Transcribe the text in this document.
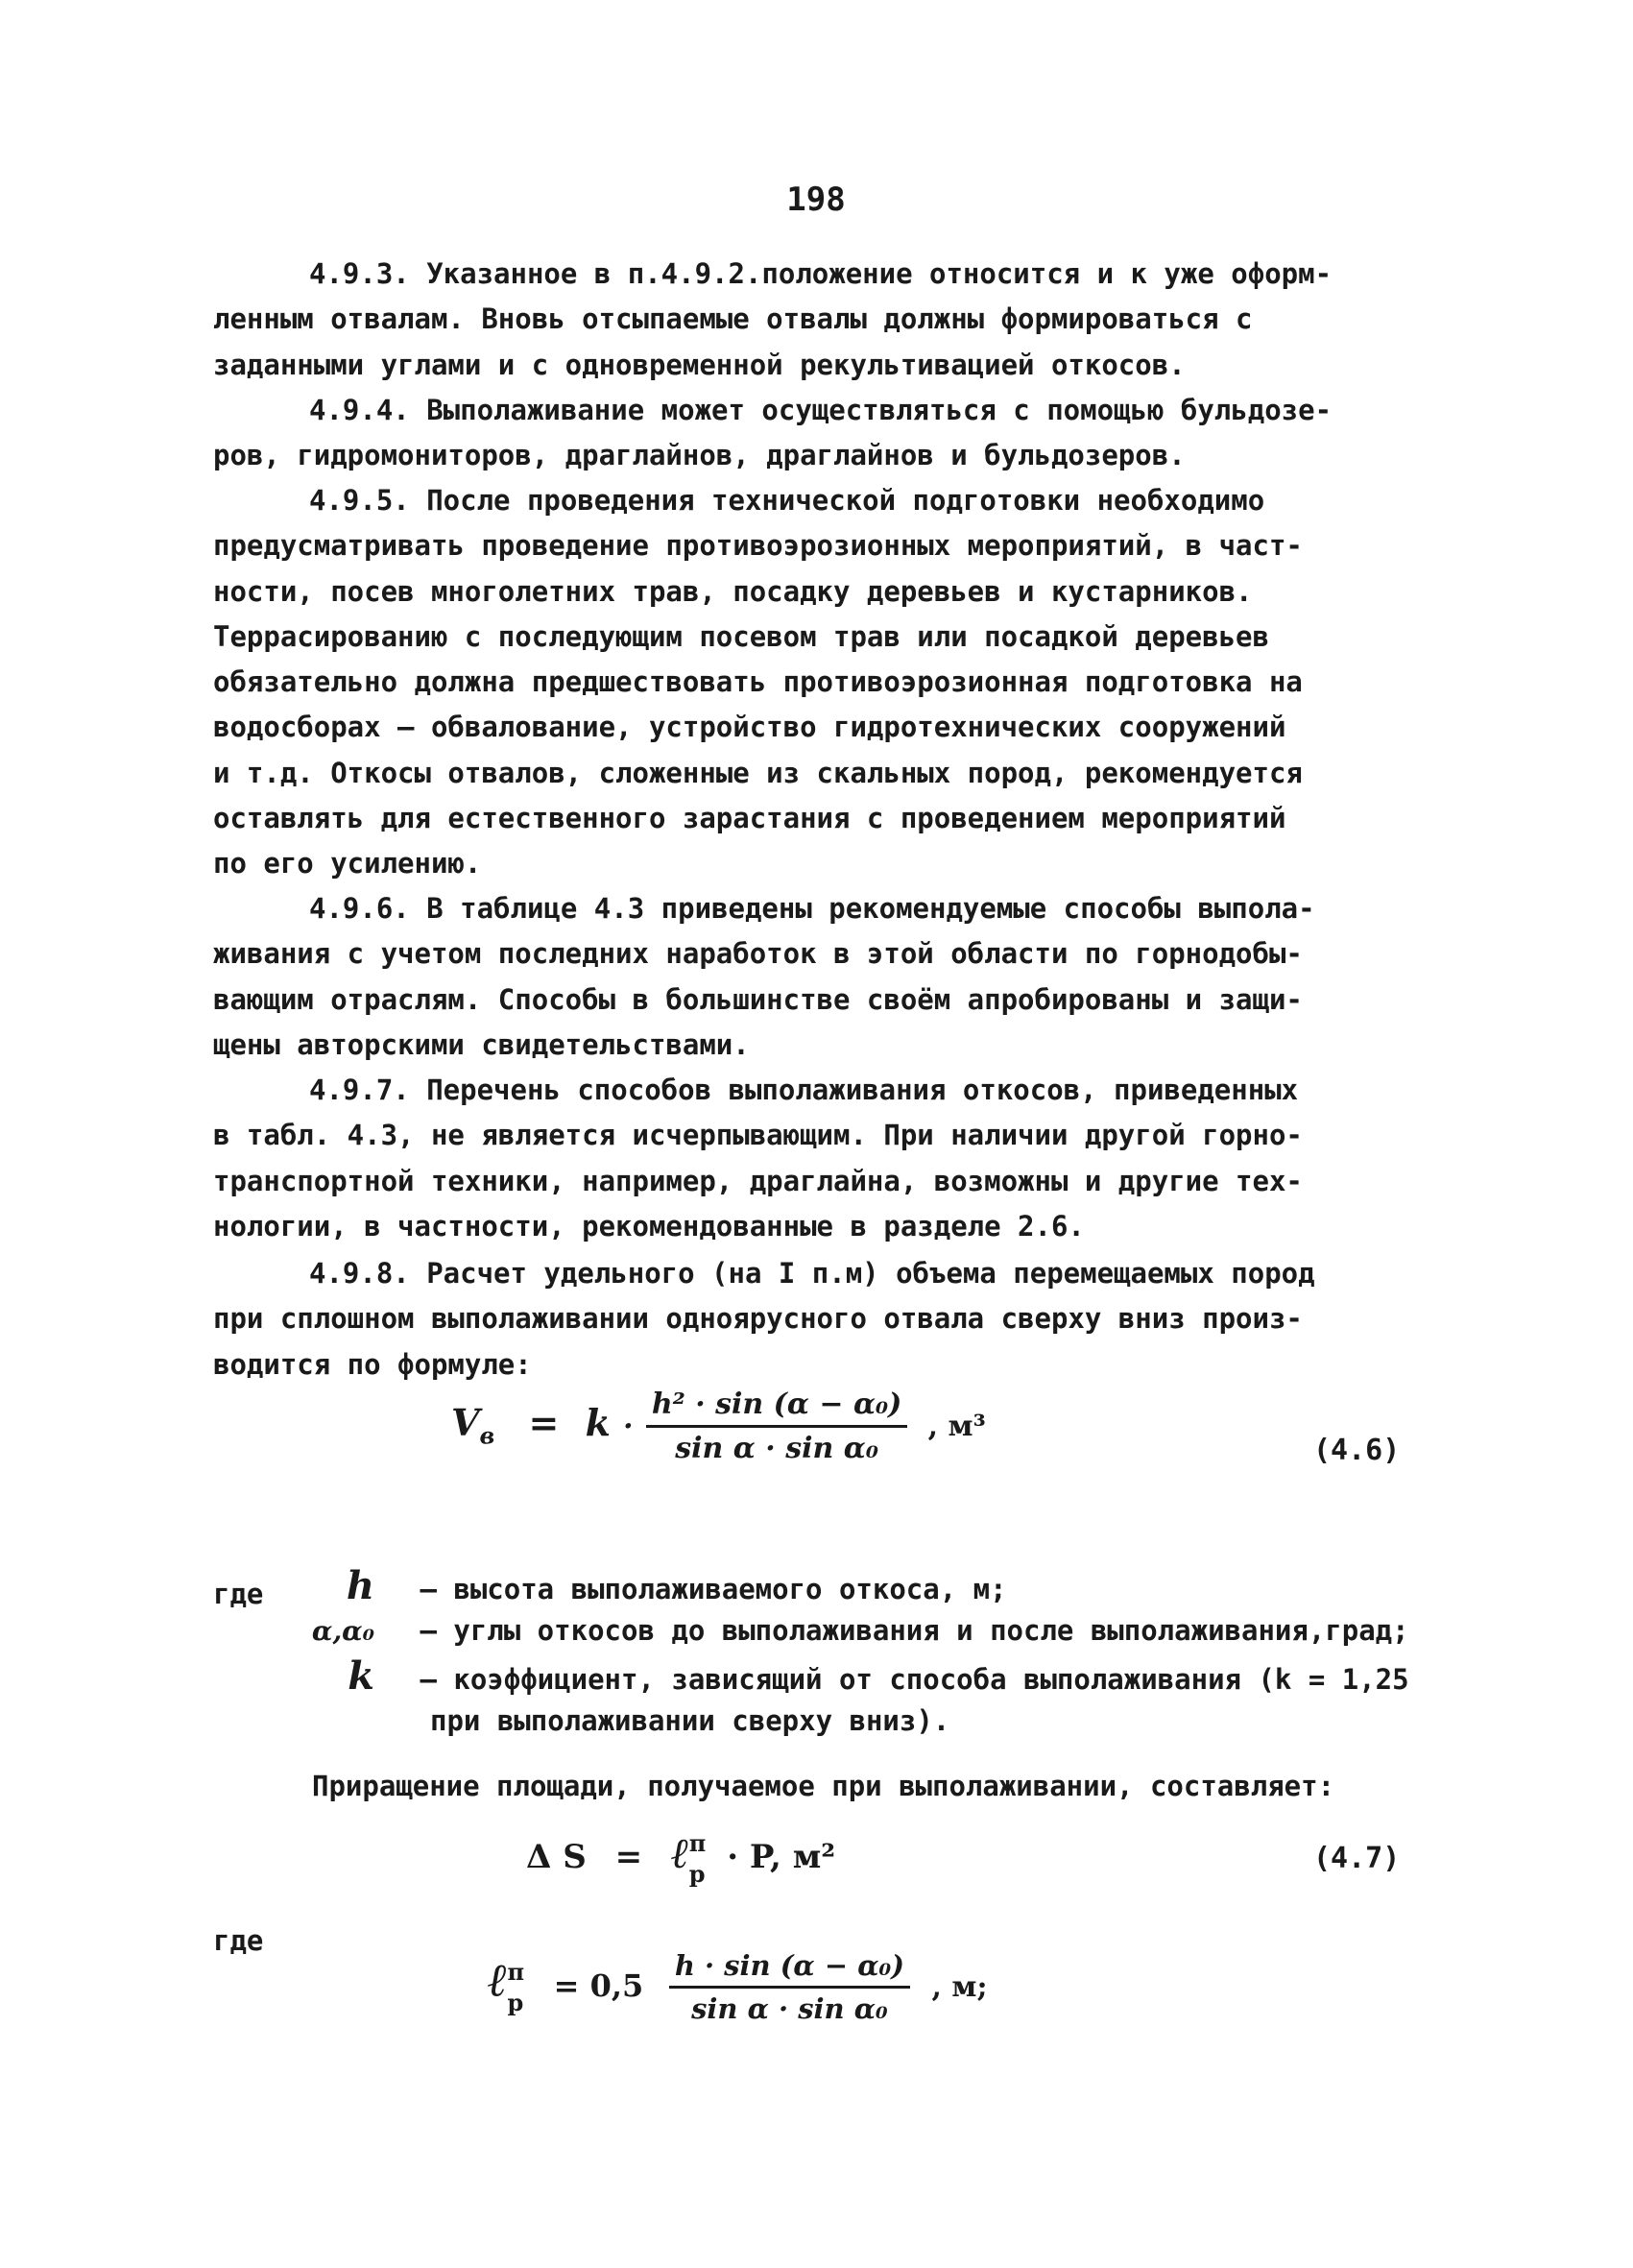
198
4.9.3. Указанное в п.4.9.2.положение относится и к уже оформ-
ленным отвалам. Вновь отсыпаемые отвалы должны формироваться с
заданными углами и с одновременной рекультивацией откосов.
4.9.4. Выполаживание может осуществляться с помощью бульдозе-
ров, гидромониторов, драглайнов, драглайнов и бульдозеров.
4.9.5. После проведения технической подготовки необходимо
предусматривать проведение противоэрозионных мероприятий, в част-
ности, посев многолетних трав, посадку деревьев и кустарников.
Террасированию с последующим посевом трав или посадкой деревьев
обязательно должна предшествовать противоэрозионная подготовка на
водосборах – обвалование, устройство гидротехнических сооружений
и т.д. Откосы отвалов, сложенные из скальных пород, рекомендуется
оставлять для естественного зарастания с проведением мероприятий
по его усилению.
4.9.6. В таблице 4.3 приведены рекомендуемые способы выпола-
живания с учетом последних наработок в этой области по горнодобы-
вающим отраслям. Способы в большинстве своём апробированы и защи-
щены авторскими свидетельствами.
4.9.7. Перечень способов выполаживания откосов, приведенных
в табл. 4.3, не является исчерпывающим. При наличии другой горно-
транспортной техники, например, драглайна, возможны и другие тех-
нологии, в частности, рекомендованные в разделе 2.6.
4.9.8. Расчет удельного (на I п.м) объема перемещаемых пород
при сплошном выполаживании одноярусного отвала сверху вниз произ-
водится по формуле:
$V_в = k \cdot \frac{\text{h² · sin (α − α₀)}}{\text{sin α · sin α₀}}$ , м³
(4.6)
где	h – высота выполаживаемого откоса, м;
α,α₀ – углы откосов до выполаживания и после выполаживания,град;
k – коэффициент, зависящий от способа выполаживания (k = 1,25
при выполаживании сверху вниз).
Приращение площади, получаемое при выполаживании, составляет:
Δ S = ℓ п
р · P, м²	(4.7)
где
ℓ п
$р = 0,5 \frac{\text{h · sin (α − α₀)}}{\text{sin α · sin α₀}}$ , м;
